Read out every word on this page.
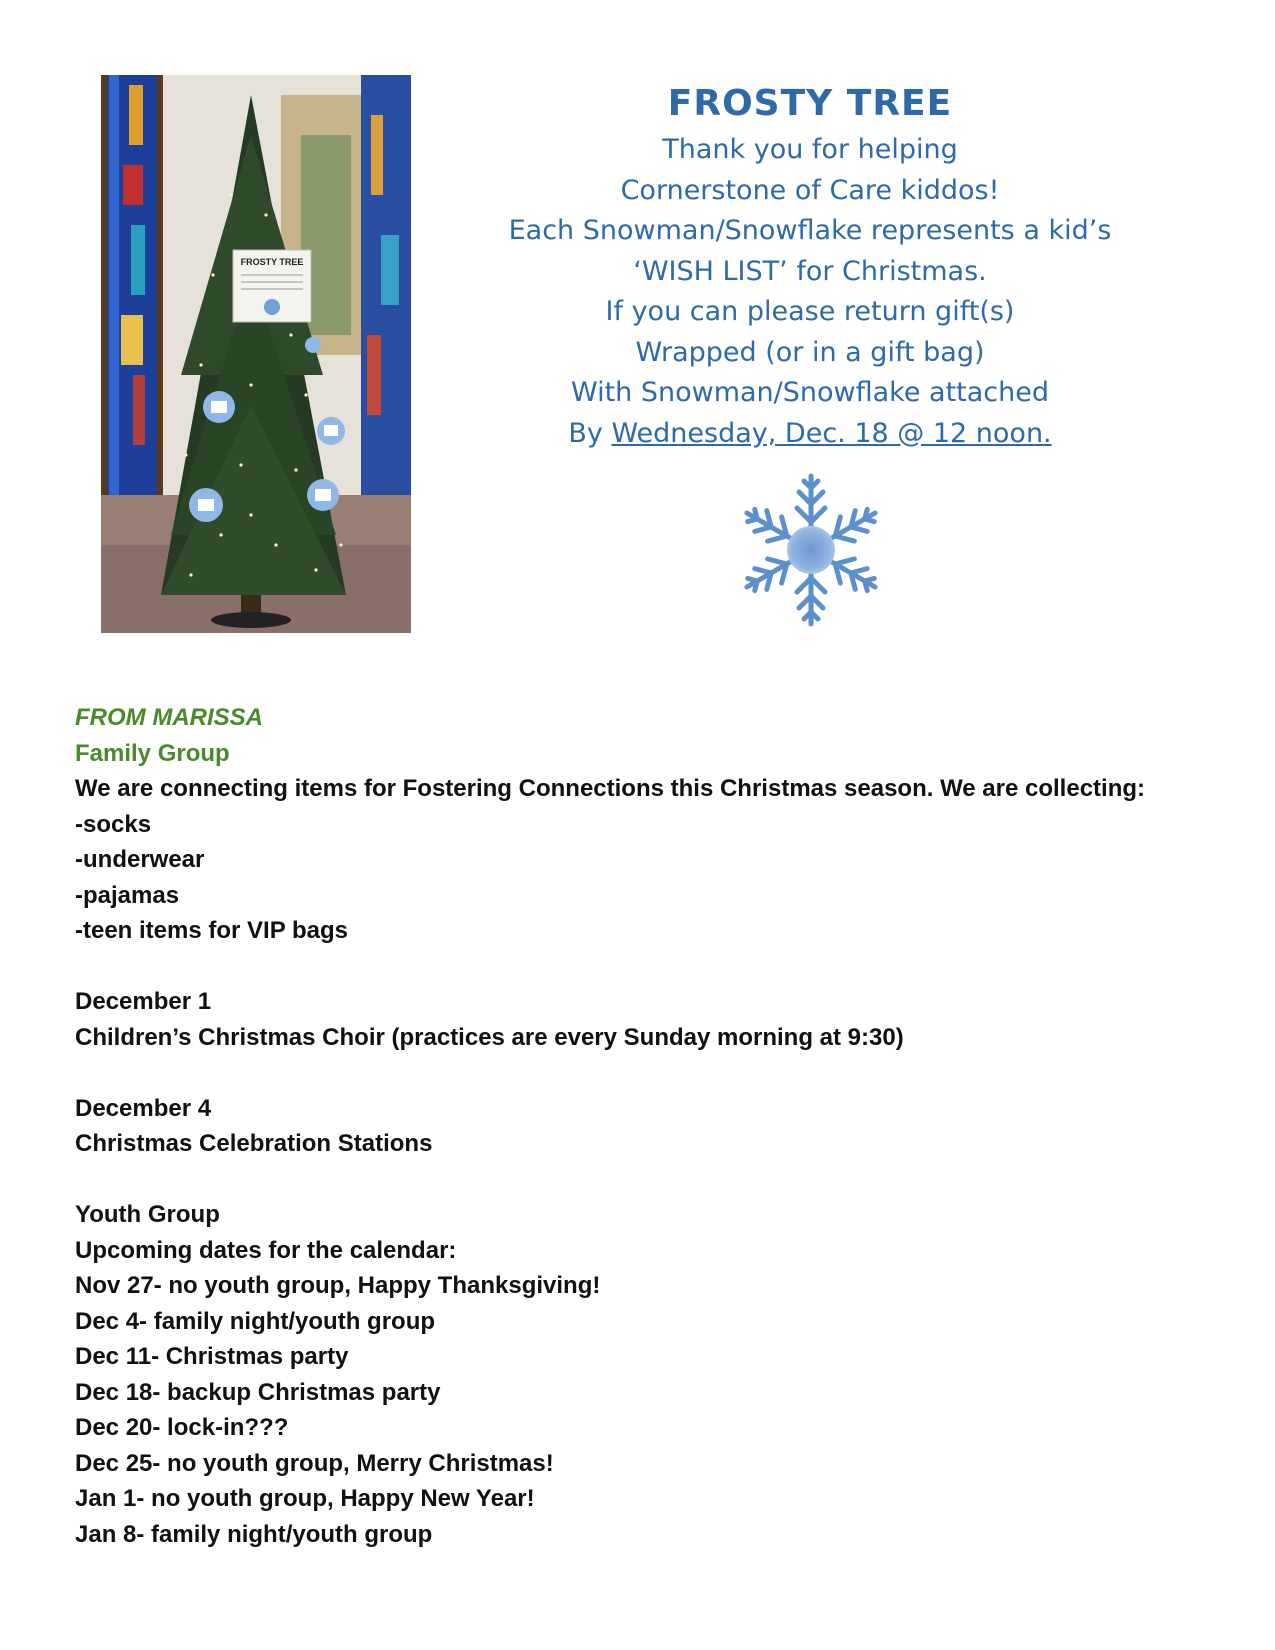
FROSTY TREE

FROSTY TREE

Thank you for helping

Cornerstone of Care kiddos!

Each Snowman/Snowflake represents a kid’s

‘WISH LIST’ for Christmas.

If you can please return gift(s)

Wrapped (or in a gift bag)

With Snowman/Snowflake attached

By Wednesday, Dec. 18 @ 12 noon.

FROM MARISSA

Family Group

We are connecting items for Fostering Connections this Christmas season. We are collecting:

-socks

-underwear

-pajamas

-teen items for VIP bags

December 1

Children’s Christmas Choir (practices are every Sunday morning at 9:30)

December 4

Christmas Celebration Stations

Youth Group

Upcoming dates for the calendar:

Nov 27- no youth group, Happy Thanksgiving!

Dec 4- family night/youth group

Dec 11- Christmas party

Dec 18- backup Christmas party

Dec 20- lock-in???

Dec 25- no youth group, Merry Christmas!

Jan 1- no youth group, Happy New Year!

Jan 8- family night/youth group
